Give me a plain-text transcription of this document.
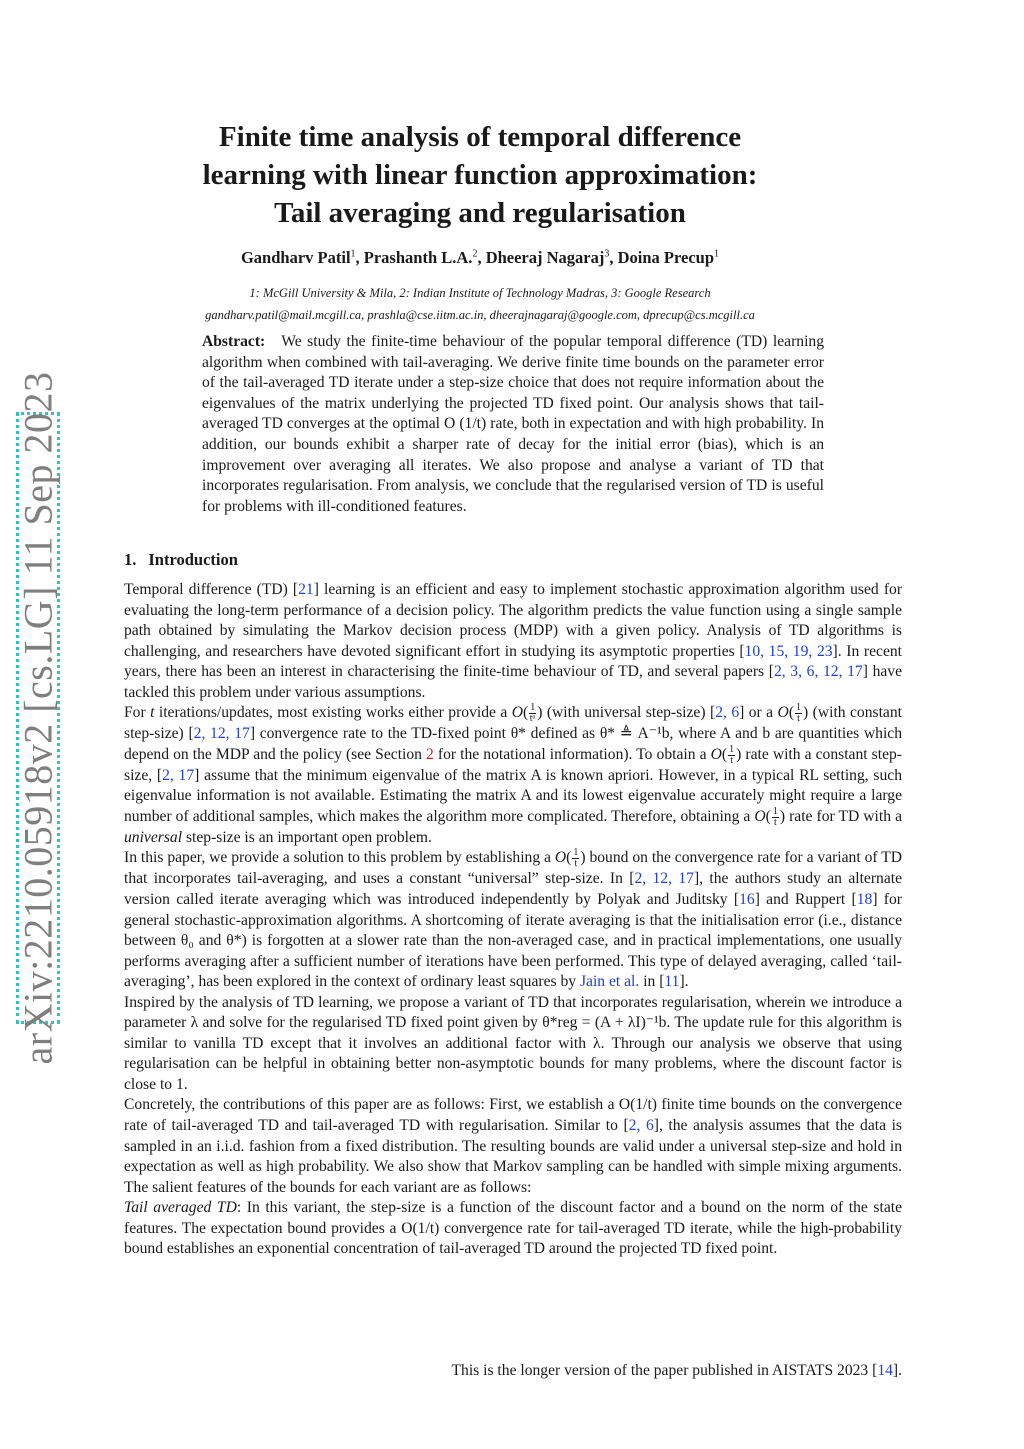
arXiv:2210.05918v2 [cs.LG] 11 Sep 2023
Finite time analysis of temporal difference
learning with linear function approximation:
Tail averaging and regularisation
Gandharv Patil$^1$, Prashanth L.A.$^2$, Dheeraj Nagaraj$^3$, Doina Precup$^1$
1: McGill University & Mila, 2: Indian Institute of Technology Madras, 3: Google Research
gandharv.patil@mail.mcgill.ca, prashla@cse.iitm.ac.in, dheerajnagaraj@google.com, dprecup@cs.mcgill.ca
Abstract: We study the finite-time behaviour of the popular temporal difference (TD) learning algorithm when combined with tail-averaging. We derive finite time bounds on the parameter error of the tail-averaged TD iterate under a step-size choice that does not require information about the eigenvalues of the matrix underlying the projected TD fixed point. Our analysis shows that tail-averaged TD converges at the optimal O (1/t) rate, both in expectation and with high probability. In addition, our bounds exhibit a sharper rate of decay for the initial error (bias), which is an improvement over averaging all iterates. We also propose and analyse a variant of TD that incorporates regularisation. From analysis, we conclude that the regularised version of TD is useful for problems with ill-conditioned features.
1. Introduction

Temporal difference (TD) [21] learning is an efficient and easy to implement stochastic approximation algorithm used for evaluating the long-term performance of a decision policy. The algorithm predicts the value function using a single sample path obtained by simulating the Markov decision process (MDP) with a given policy. Analysis of TD algorithms is challenging, and researchers have devoted significant effort in studying its asymptotic properties [10, 15, 19, 23]. In recent years, there has been an interest in characterising the finite-time behaviour of TD, and several papers [2, 3, 6, 12, 17] have tackled this problem under various assumptions.

For t iterations/updates, most existing works either provide a $O( \frac{1}{\text{tᵅ}}$ ) (with universal step-size) [2, 6] or a $O( \frac{1}{t}$ ) (with constant step-size) [2, 12, 17] convergence rate to the TD-fixed point θ* defined as θ* ≜ A⁻¹b, where A and b are quantities which depend on the MDP and the policy (see Section 2 for the notational information). To obtain a $O( \frac{1}{t}$ ) rate with a constant step-size, [2, 17] assume that the minimum eigenvalue of the matrix A is known apriori. However, in a typical RL setting, such eigenvalue information is not available. Estimating the matrix A and its lowest eigenvalue accurately might require a large number of additional samples, which makes the algorithm more complicated. Therefore, obtaining a $O( \frac{1}{t}$ ) rate for TD with a universal step-size is an important open problem.

In this paper, we provide a solution to this problem by establishing a $O( \frac{1}{t}$ ) bound on the convergence rate for a variant of TD that incorporates tail-averaging, and uses a constant “universal” step-size. In [2, 12, 17], the authors study an alternate version called iterate averaging which was introduced independently by Polyak and Juditsky [16] and Ruppert [18] for general stochastic-approximation algorithms. A shortcoming of iterate averaging is that the initialisation error (i.e., distance between θ₀ and θ*) is forgotten at a slower rate than the non-averaged case, and in practical implementations, one usually performs averaging after a sufficient number of iterations have been performed. This type of delayed averaging, called ‘tail-averaging’, has been explored in the context of ordinary least squares by Jain et al. in [11].

Inspired by the analysis of TD learning, we propose a variant of TD that incorporates regularisation, wherein we introduce a parameter λ and solve for the regularised TD fixed point given by θ*reg = (A + λI)⁻¹b. The update rule for this algorithm is similar to vanilla TD except that it involves an additional factor with λ. Through our analysis we observe that using regularisation can be helpful in obtaining better non-asymptotic bounds for many problems, where the discount factor is close to 1.

Concretely, the contributions of this paper are as follows: First, we establish a O(1/t) finite time bounds on the convergence rate of tail-averaged TD and tail-averaged TD with regularisation. Similar to [2, 6], the analysis assumes that the data is sampled in an i.i.d. fashion from a fixed distribution. The resulting bounds are valid under a universal step-size and hold in expectation as well as high probability. We also show that Markov sampling can be handled with simple mixing arguments. The salient features of the bounds for each variant are as follows:

Tail averaged TD: In this variant, the step-size is a function of the discount factor and a bound on the norm of the state features. The expectation bound provides a O(1/t) convergence rate for tail-averaged TD iterate, while the high-probability bound establishes an exponential concentration of tail-averaged TD around the projected TD fixed point.

This is the longer version of the paper published in AISTATS 2023 [14].
